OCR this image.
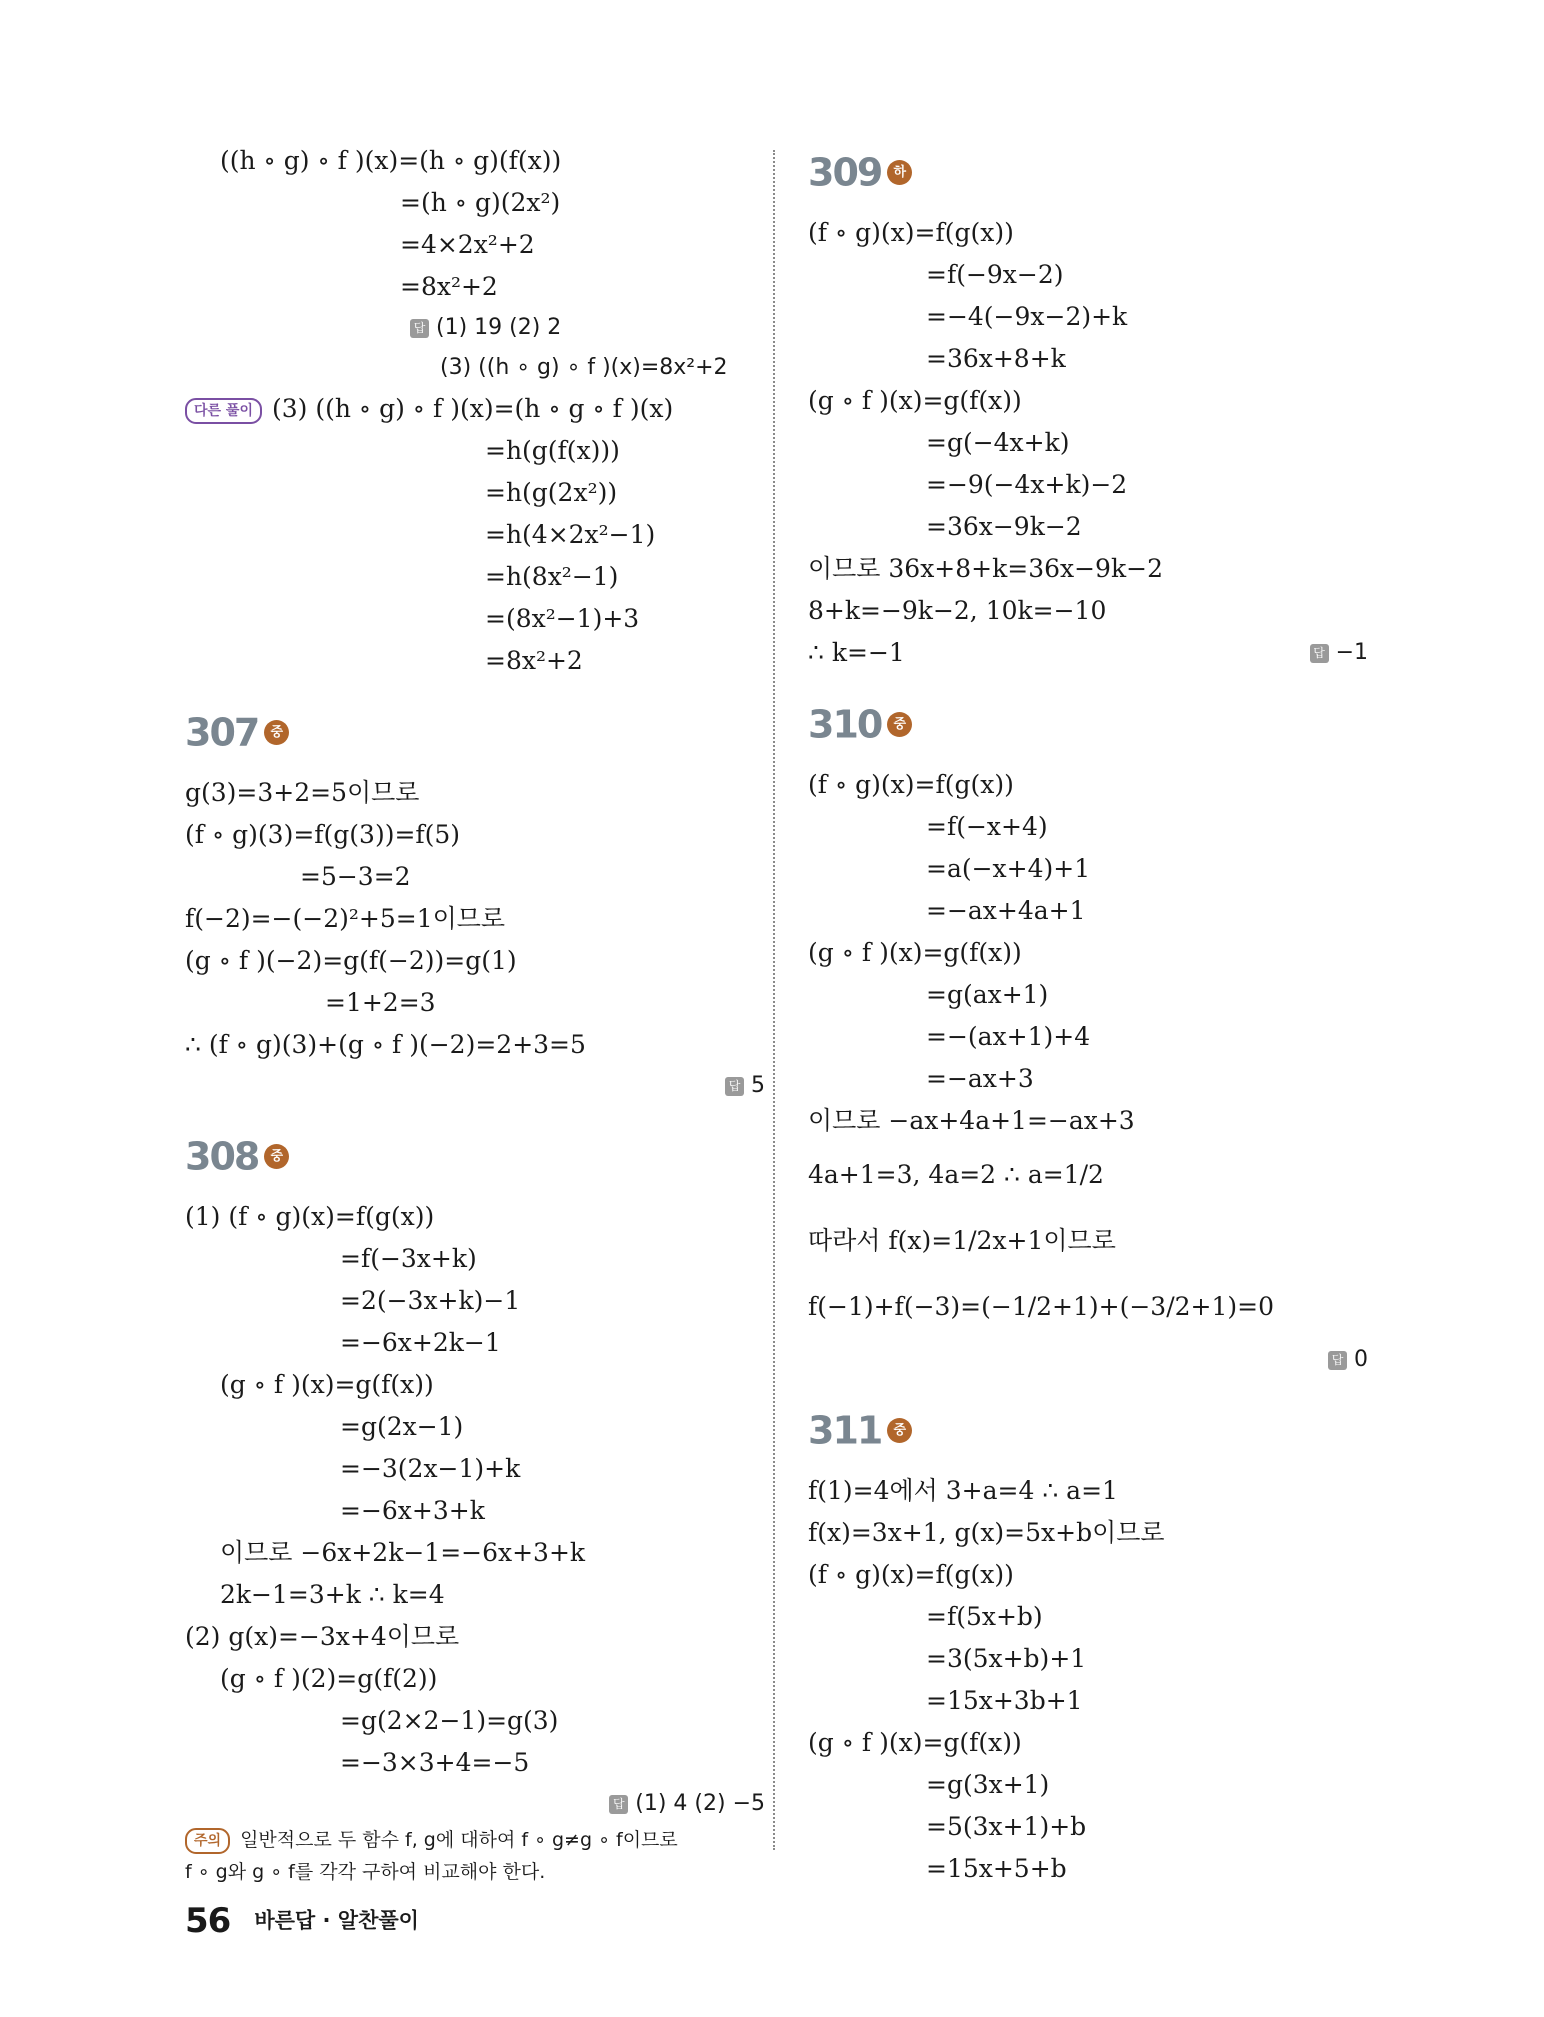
((h ∘ g) ∘ f )(x)=(h ∘ g)(f(x))
=(h ∘ g)(2x²)
=4×2x²+2
=8x²+2
답 (1) 19 (2) 2
(3) ((h ∘ g) ∘ f )(x)=8x²+2
다른 풀이 (3) ((h ∘ g) ∘ f )(x)=(h ∘ g ∘ f )(x)
=h(g(f(x)))
=h(g(2x²))
=h(4×2x²−1)
=h(8x²−1)
=(8x²−1)+3
=8x²+2
307 중
g(3)=3+2=5이므로
(f ∘ g)(3)=f(g(3))=f(5)
=5−3=2
f(−2)=−(−2)²+5=1이므로
(g ∘ f )(−2)=g(f(−2))=g(1)
=1+2=3
∴ (f ∘ g)(3)+(g ∘ f )(−2)=2+3=5
답 5
308 중
(1) (f ∘ g)(x)=f(g(x))
=f(−3x+k)
=2(−3x+k)−1
=−6x+2k−1
(g ∘ f )(x)=g(f(x))
=g(2x−1)
=−3(2x−1)+k
=−6x+3+k
이므로 −6x+2k−1=−6x+3+k
2k−1=3+k ∴ k=4
(2) g(x)=−3x+4이므로
(g ∘ f )(2)=g(f(2))
=g(2×2−1)=g(3)
=−3×3+4=−5
답 (1) 4 (2) −5
주의 일반적으로 두 함수 f, g에 대하여 f ∘ g≠g ∘ f이므로
f ∘ g와 g ∘ f를 각각 구하여 비교해야 한다.
309 하
(f ∘ g)(x)=f(g(x))
=f(−9x−2)
=−4(−9x−2)+k
=36x+8+k
(g ∘ f )(x)=g(f(x))
=g(−4x+k)
=−9(−4x+k)−2
=36x−9k−2
이므로 36x+8+k=36x−9k−2
8+k=−9k−2, 10k=−10
∴ k=−1	답 −1
310 중
(f ∘ g)(x)=f(g(x))
=f(−x+4)
=a(−x+4)+1
=−ax+4a+1
(g ∘ f )(x)=g(f(x))
=g(ax+1)
=−(ax+1)+4
=−ax+3
이므로 −ax+4a+1=−ax+3
4a+1=3, 4a=2 ∴ a=1/2
따라서 f(x)=1/2x+1이므로
f(−1)+f(−3)=(−1/2+1)+(−3/2+1)=0
답 0
311 중
f(1)=4에서 3+a=4 ∴ a=1
f(x)=3x+1, g(x)=5x+b이므로
(f ∘ g)(x)=f(g(x))
=f(5x+b)
=3(5x+b)+1
=15x+3b+1
(g ∘ f )(x)=g(f(x))
=g(3x+1)
=5(3x+1)+b
=15x+5+b
56 바른답 · 알찬풀이
